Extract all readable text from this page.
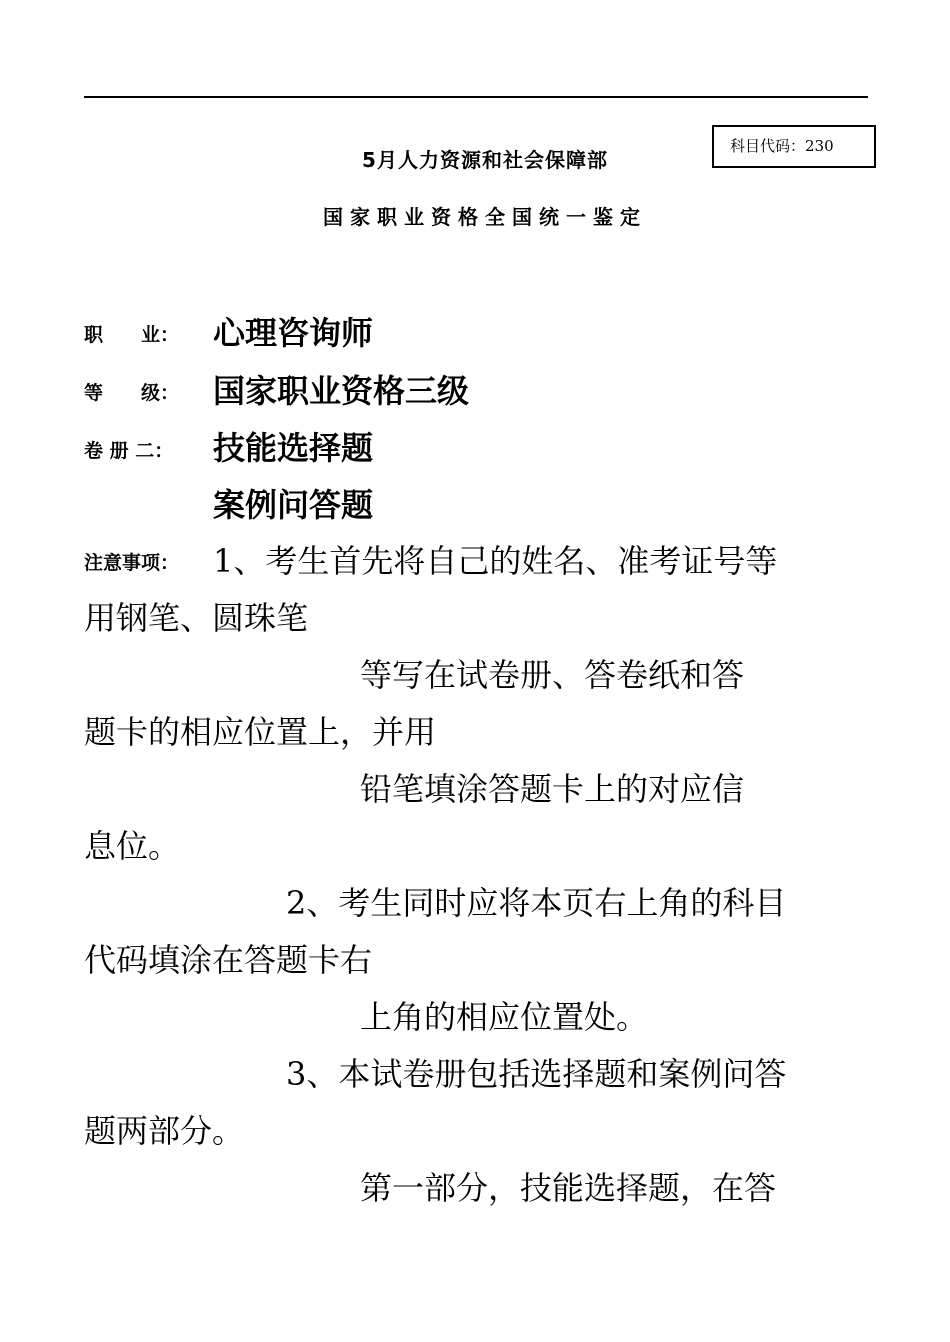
科目代码：230
5月人力资源和社会保障部
国家职业资格全国统一鉴定
职　　业： 心理咨询师
等　　级： 国家职业资格三级
卷 册 二： 技能选择题
案例问答题
注意事项： 1、考生首先将自己的姓名、准考证号等
用钢笔、圆珠笔
等写在试卷册、答卷纸和答
题卡的相应位置上，并用
铅笔填涂答题卡上的对应信
息位。
2、考生同时应将本页右上角的科目
代码填涂在答题卡右
上角的相应位置处。
3、本试卷册包括选择题和案例问答
题两部分。
第一部分，技能选择题，在答
